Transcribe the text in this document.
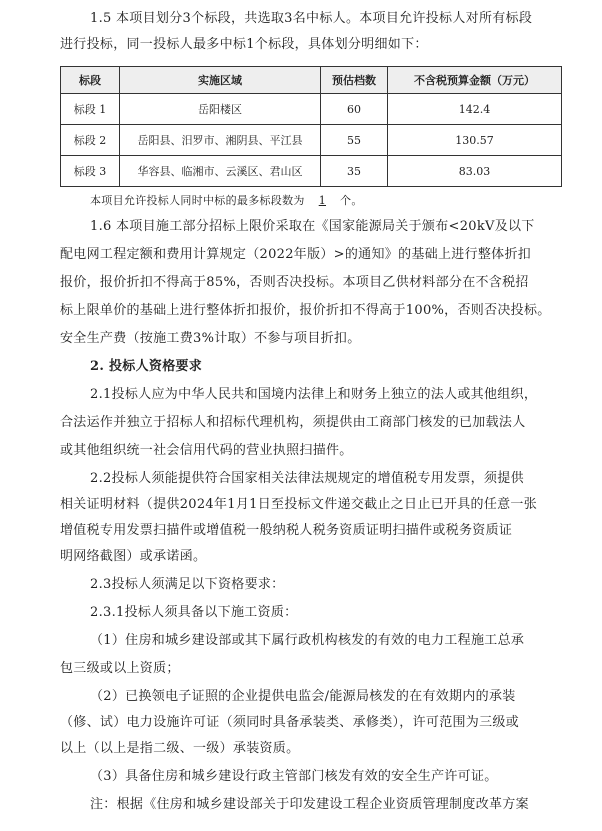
1.5 本项目划分3个标段，共选取3名中标人。本项目允许投标人对所有标段
进行投标，同一投标人最多中标1个标段，具体划分明细如下：
标段	实施区域	预估档数	不含税预算金额（万元）
标段 1	岳阳楼区	60	142.4
标段 2	岳阳县、汨罗市、湘阴县、平江县	55	130.57
标段 3	华容县、临湘市、云溪区、君山区	35	83.03
本项目允许投标人同时中标的最多标段数为 1 个。
1.6 本项目施工部分招标上限价采取在《国家能源局关于颁布<20kV及以下
配电网工程定额和费用计算规定（2022年版）>的通知》的基础上进行整体折扣
报价，报价折扣不得高于85%，否则否决投标。本项目乙供材料部分在不含税招
标上限单价的基础上进行整体折扣报价，报价折扣不得高于100%，否则否决投标。
安全生产费（按施工费3%计取）不参与项目折扣。
2. 投标人资格要求
2.1投标人应为中华人民共和国境内法律上和财务上独立的法人或其他组织，
合法运作并独立于招标人和招标代理机构，须提供由工商部门核发的已加载法人
或其他组织统一社会信用代码的营业执照扫描件。
2.2投标人须能提供符合国家相关法律法规规定的增值税专用发票，须提供
相关证明材料（提供2024年1月1日至投标文件递交截止之日止已开具的任意一张
增值税专用发票扫描件或增值税一般纳税人税务资质证明扫描件或税务资质证
明网络截图）或承诺函。
2.3投标人须满足以下资格要求：
2.3.1投标人须具备以下施工资质：
（1）住房和城乡建设部或其下属行政机构核发的有效的电力工程施工总承
包三级或以上资质；
（2）已换领电子证照的企业提供电监会/能源局核发的在有效期内的承装
（修、试）电力设施许可证（须同时具备承装类、承修类），许可范围为三级或
以上（以上是指二级、一级）承装资质。
（3）具备住房和城乡建设行政主管部门核发有效的安全生产许可证。
注：根据《住房和城乡建设部关于印发建设工程企业资质管理制度改革方案
